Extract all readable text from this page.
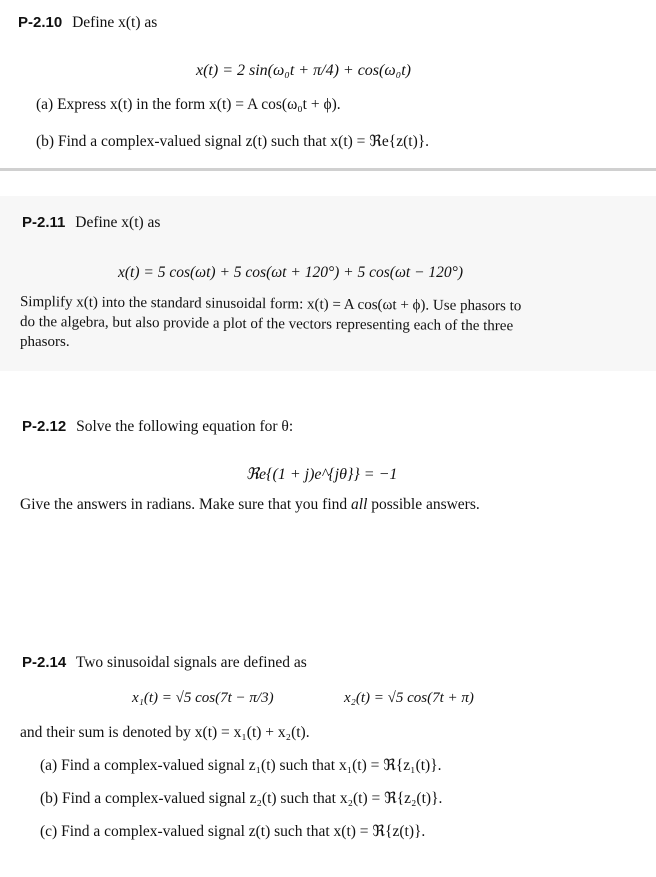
P-2.10 Define x(t) as
x(t) = 2 sin(ω₀t + π/4) + cos(ω₀t)
(a) Express x(t) in the form x(t) = A cos(ω₀t + ϕ).
(b) Find a complex-valued signal z(t) such that x(t) = ℜe{z(t)}.
P-2.11 Define x(t) as
x(t) = 5 cos(ωt) + 5 cos(ωt + 120°) + 5 cos(ωt − 120°)
Simplify x(t) into the standard sinusoidal form: x(t) = A cos(ωt + ϕ). Use phasors to
do the algebra, but also provide a plot of the vectors representing each of the three
phasors.
P-2.12 Solve the following equation for θ:
ℜe{(1 + j)e^{jθ}} = −1
Give the answers in radians. Make sure that you find all possible answers.
P-2.14 Two sinusoidal signals are defined as
x₁(t) = √5 cos(7t − π/3)	x₂(t) = √5 cos(7t + π)
and their sum is denoted by x(t) = x₁(t) + x₂(t).
(a) Find a complex-valued signal z₁(t) such that x₁(t) = ℜ{z₁(t)}.
(b) Find a complex-valued signal z₂(t) such that x₂(t) = ℜ{z₂(t)}.
(c) Find a complex-valued signal z(t) such that x(t) = ℜ{z(t)}.
